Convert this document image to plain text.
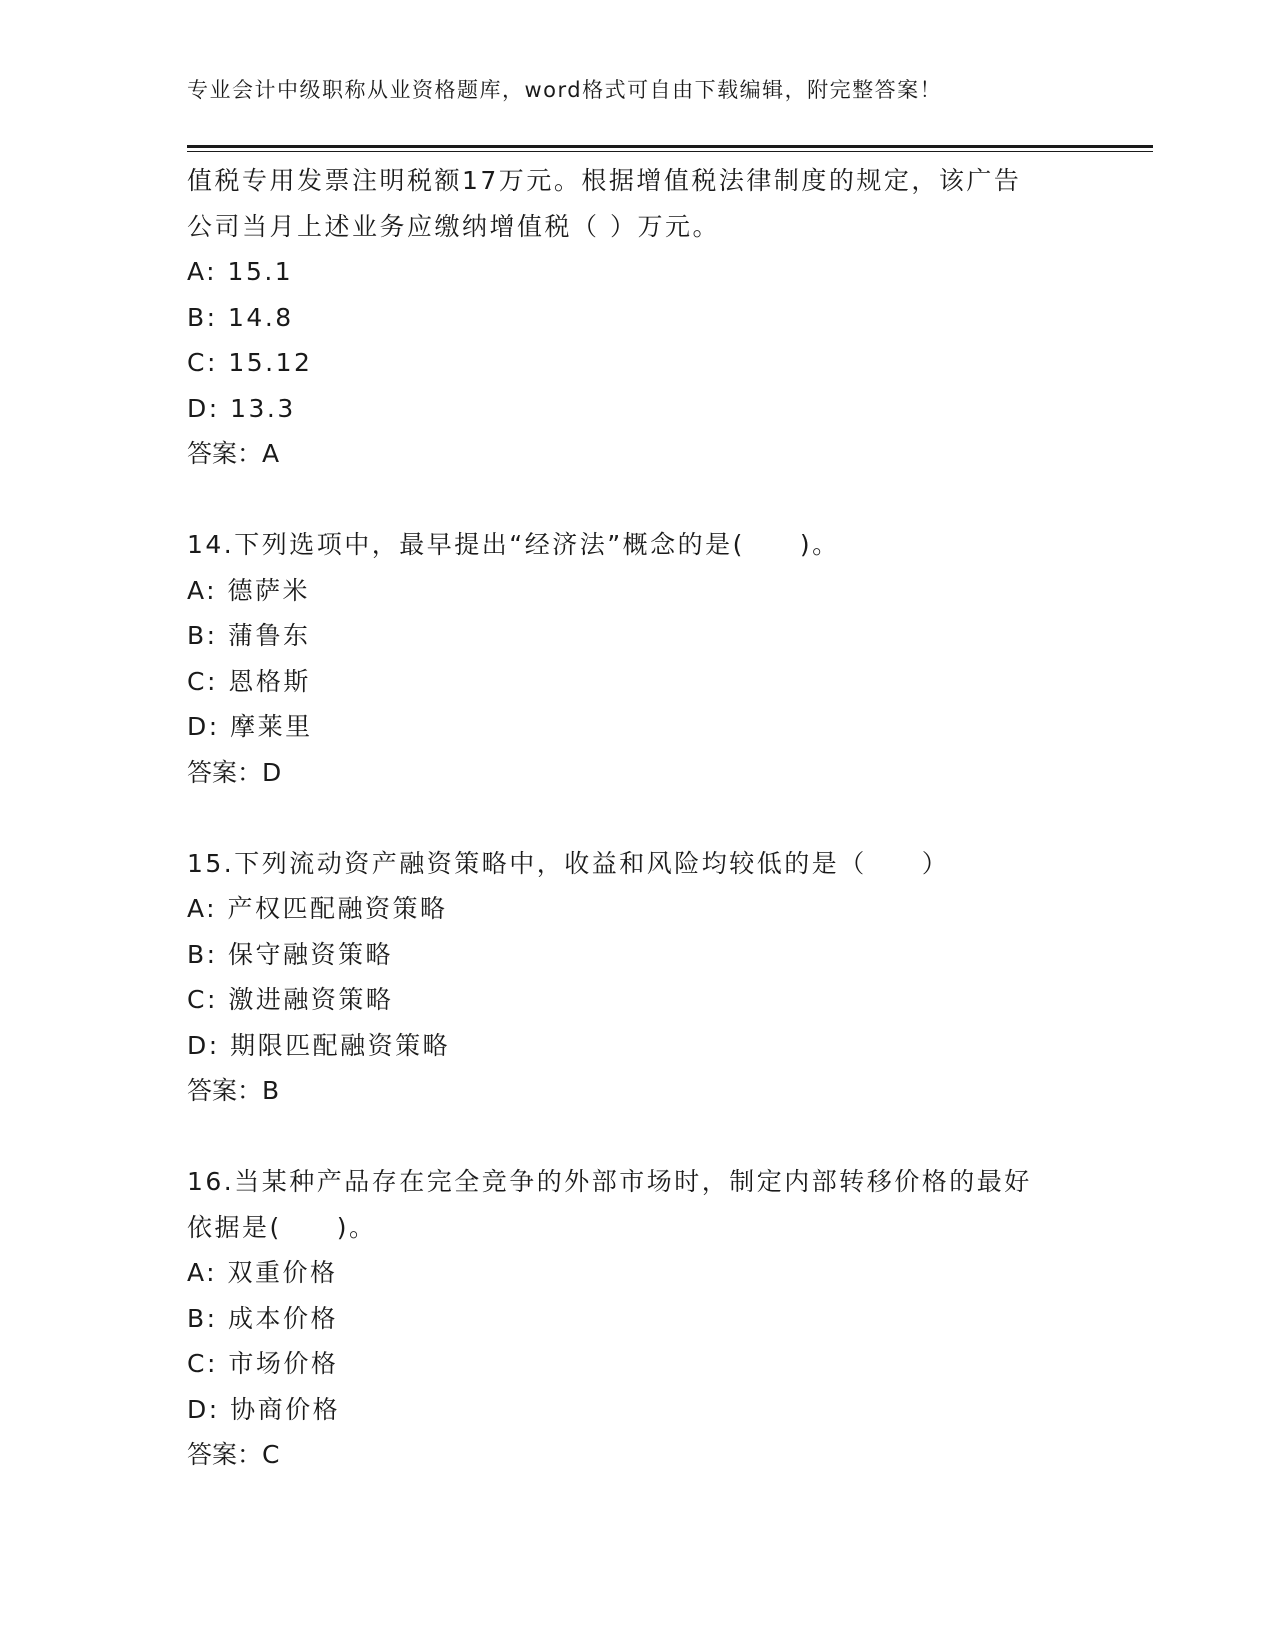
专业会计中级职称从业资格题库，word格式可自由下载编辑，附完整答案！
值税专用发票注明税额17万元。根据增值税法律制度的规定，该广告
公司当月上述业务应缴纳增值税（ ）万元。
A: 15.1
B: 14.8
C: 15.12
D: 13.3
答案：A
14.下列选项中，最早提出“经济法”概念的是(　　)。
A: 德萨米
B: 蒲鲁东
C: 恩格斯
D: 摩莱里
答案：D
15.下列流动资产融资策略中，收益和风险均较低的是（　　）
A: 产权匹配融资策略
B: 保守融资策略
C: 激进融资策略
D: 期限匹配融资策略
答案：B
16.当某种产品存在完全竞争的外部市场时，制定内部转移价格的最好
依据是(　　)。
A: 双重价格
B: 成本价格
C: 市场价格
D: 协商价格
答案：C
